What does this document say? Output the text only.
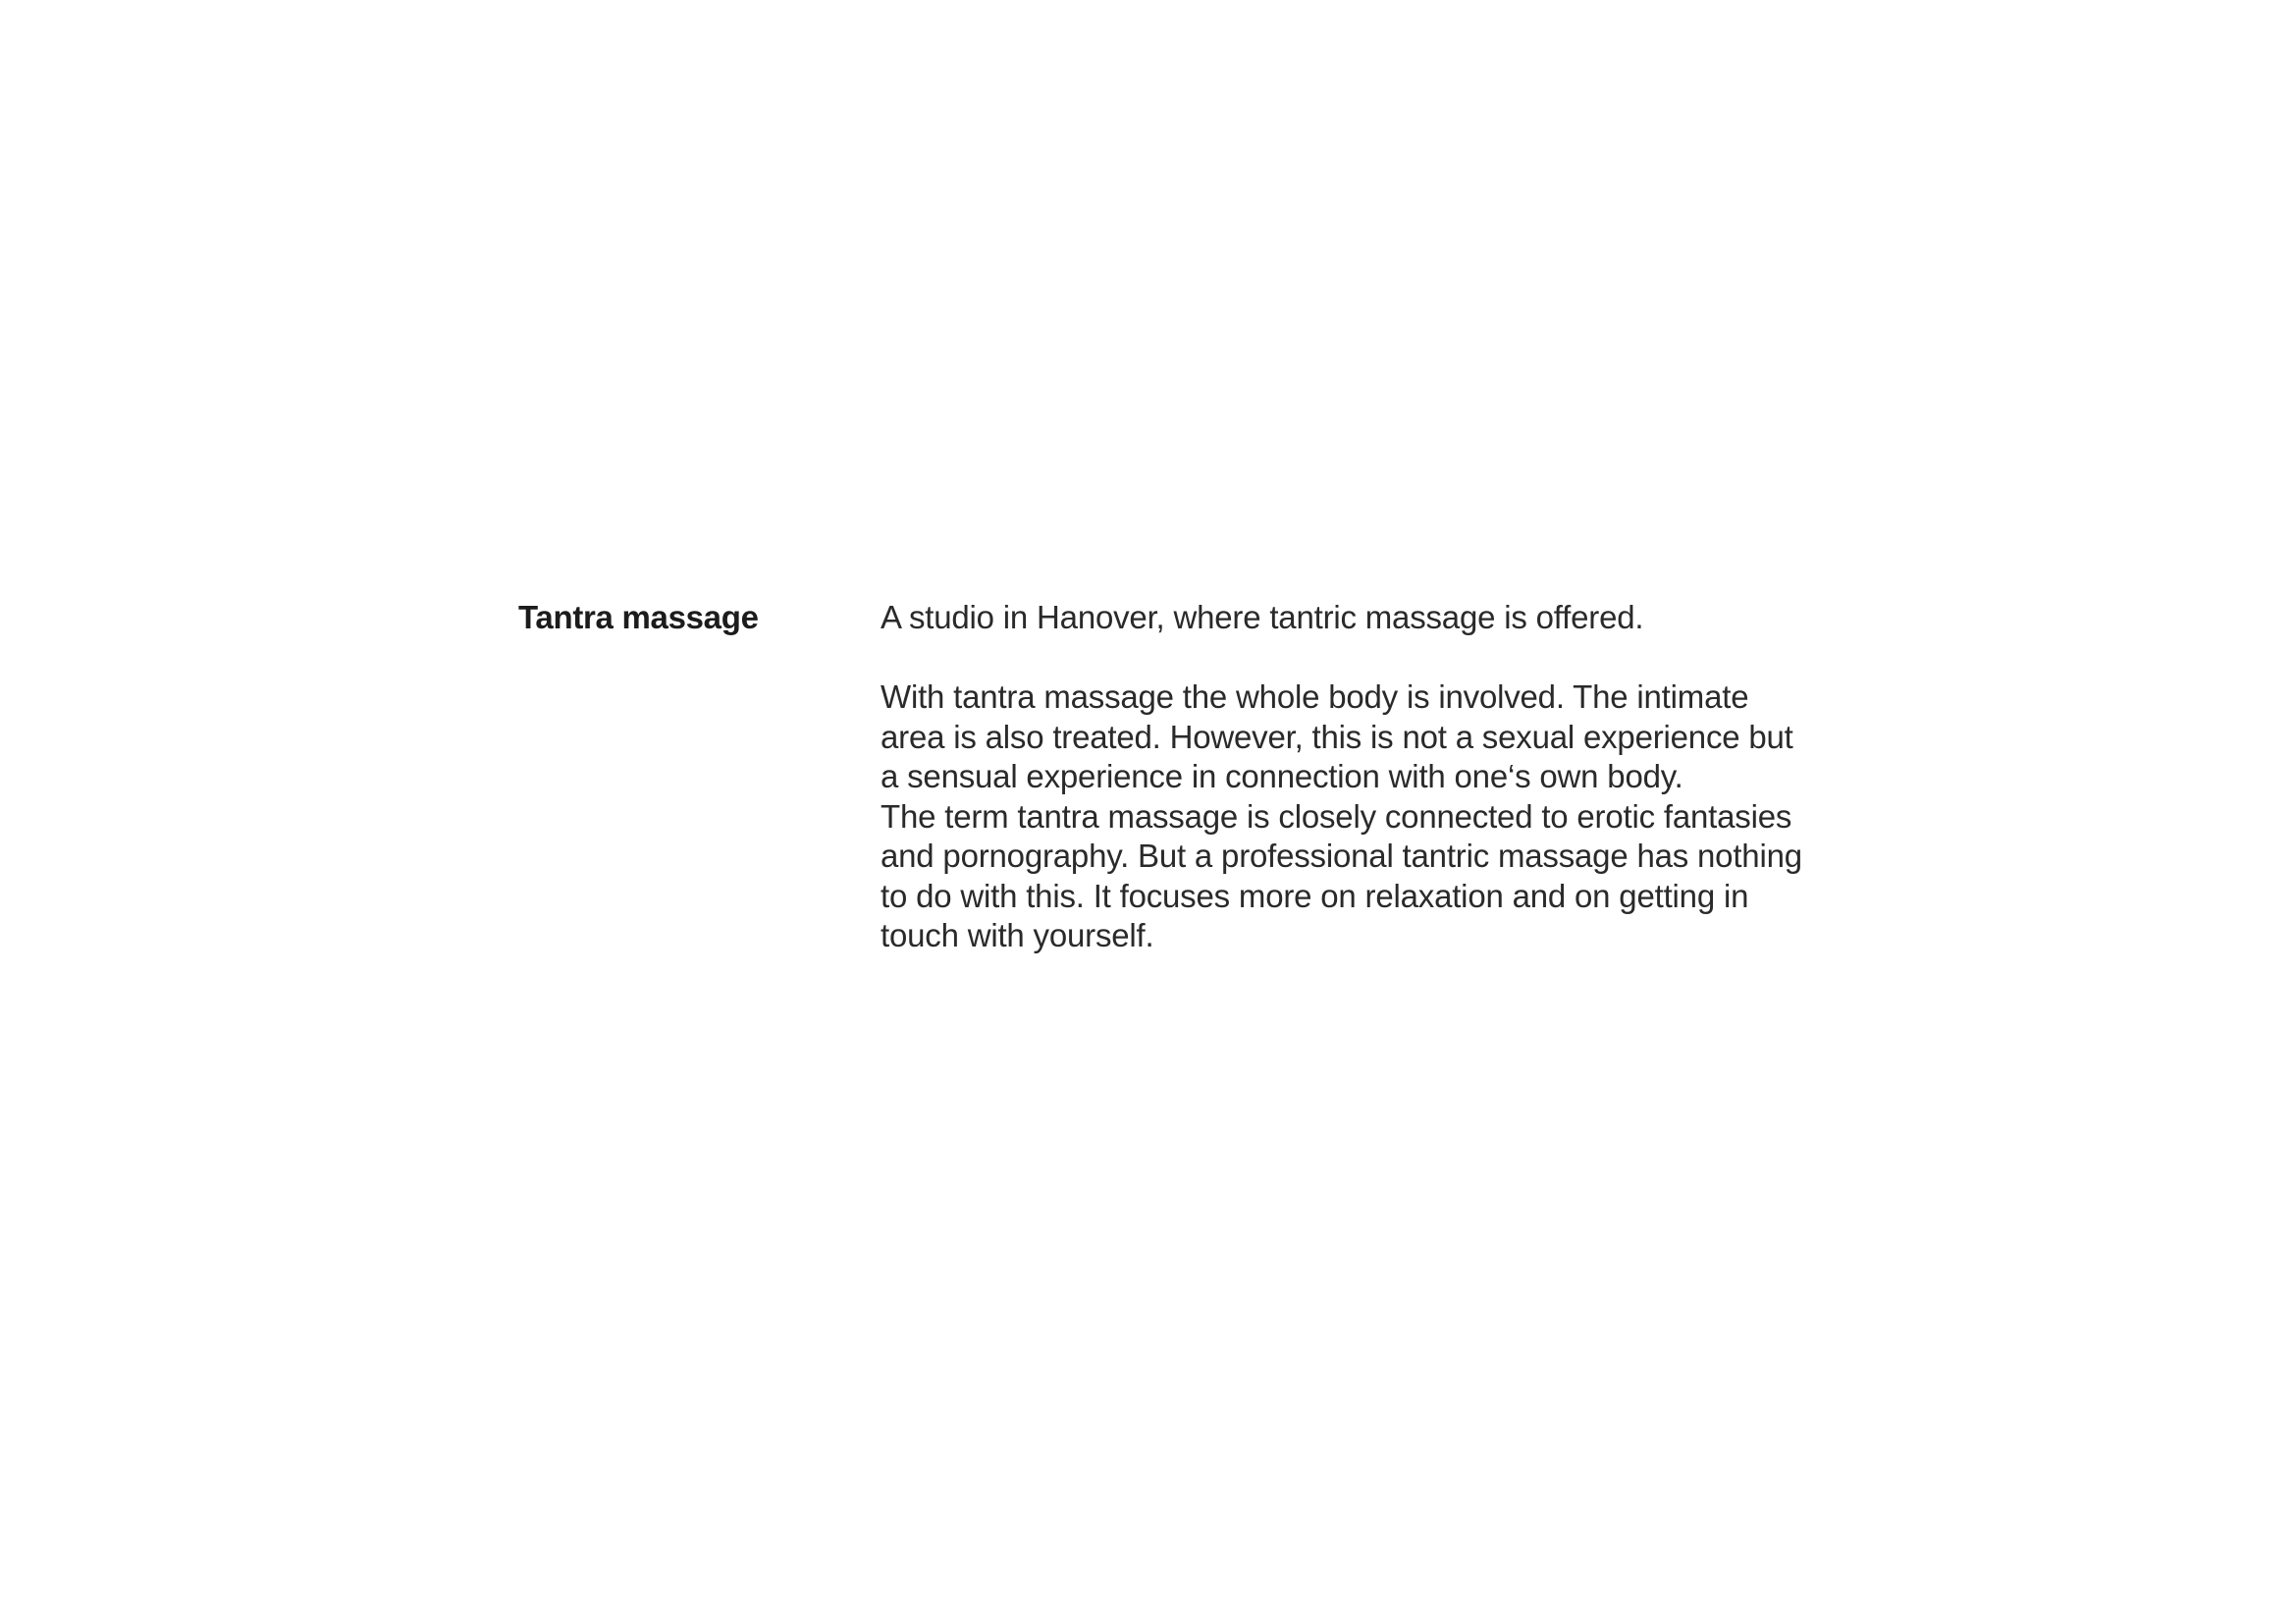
Tantra massage	A studio in Hanover, where tantric massage is offered.
With tantra massage the whole body is involved. The intimate
area is also treated. However, this is not a sexual experience but
a sensual experience in connection with one‘s own body.
The term tantra massage is closely connected to erotic fantasies
and pornography. But a professional tantric massage has nothing
to do with this. It focuses more on relaxation and on getting in
touch with yourself.
